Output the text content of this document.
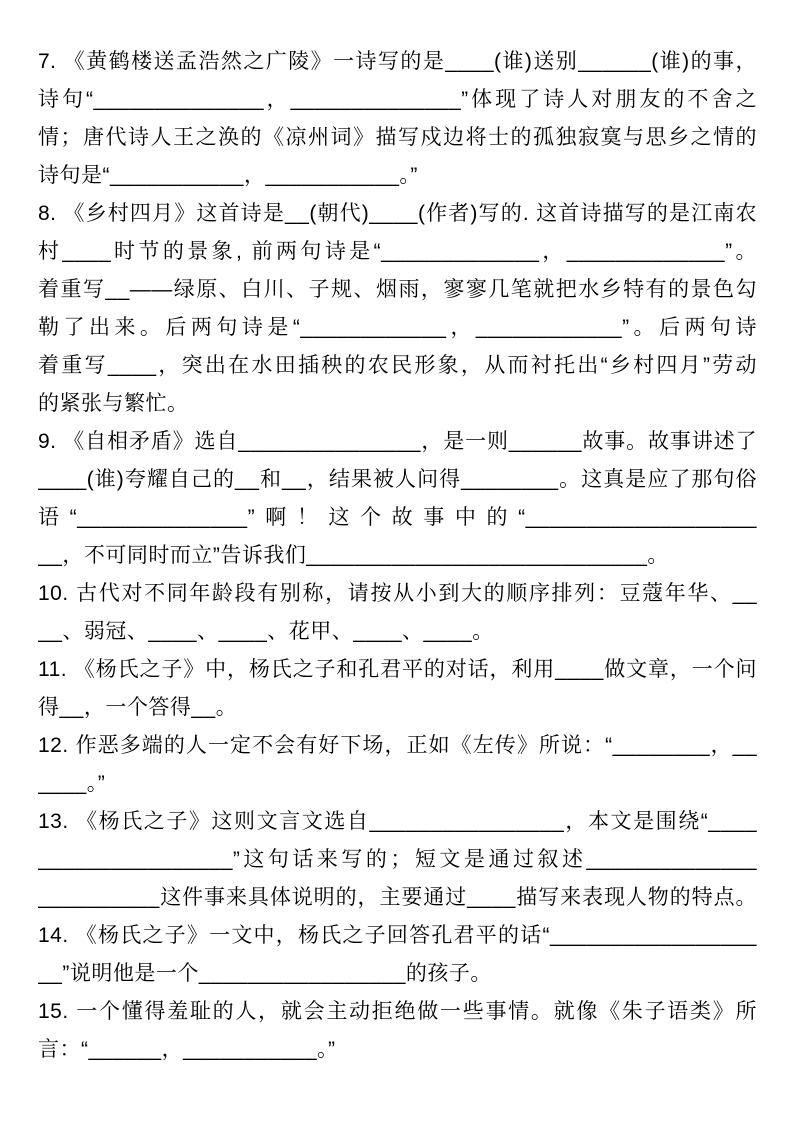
7. 《黄鹤楼送孟浩然之广陵》一诗写的是____(谁)送别______(谁)的事，
诗句“______________，______________”体现了诗人对朋友的不舍之
情；唐代诗人王之涣的《凉州词》描写戍边将士的孤独寂寞与思乡之情的
诗句是“___________，___________。”
8. 《乡村四月》这首诗是__(朝代)____(作者)写的. 这首诗描写的是江南农
村____时节的景象, 前两句诗是“_____________，_____________”。
着重写__——绿原、白川、子规、烟雨，寥寥几笔就把水乡特有的景色勾
勒了出来。后两句诗是“____________，____________”。后两句诗
着重写____，突出在水田插秧的农民形象，从而衬托出“乡村四月”劳动
的紧张与繁忙。
9. 《自相矛盾》选自_______________，是一则______故事。故事讲述了
____(谁)夸耀自己的__和__，结果被人问得________。这真是应了那句俗
语“______________”啊！这个故事中的“___________________
__，不可同时而立”告诉我们____________________________。
10. 古代对不同年龄段有别称，请按从小到大的顺序排列：豆蔻年华、__
__、弱冠、____、____、花甲、____、____。
11. 《杨氏之子》中，杨氏之子和孔君平的对话，利用____做文章，一个问
得__，一个答得__。
12. 作恶多端的人一定不会有好下场，正如《左传》所说：“________，__
____。”
13. 《杨氏之子》这则文言文选自________________，本文是围绕“____
________________”这句话来写的；短文是通过叙述______________
__________这件事来具体说明的，主要通过____描写来表现人物的特点。
14. 《杨氏之子》一文中，杨氏之子回答孔君平的话“_________________
__”说明他是一个_________________的孩子。
15. 一个懂得羞耻的人，就会主动拒绝做一些事情。就像《朱子语类》所
言：“______，___________。”
